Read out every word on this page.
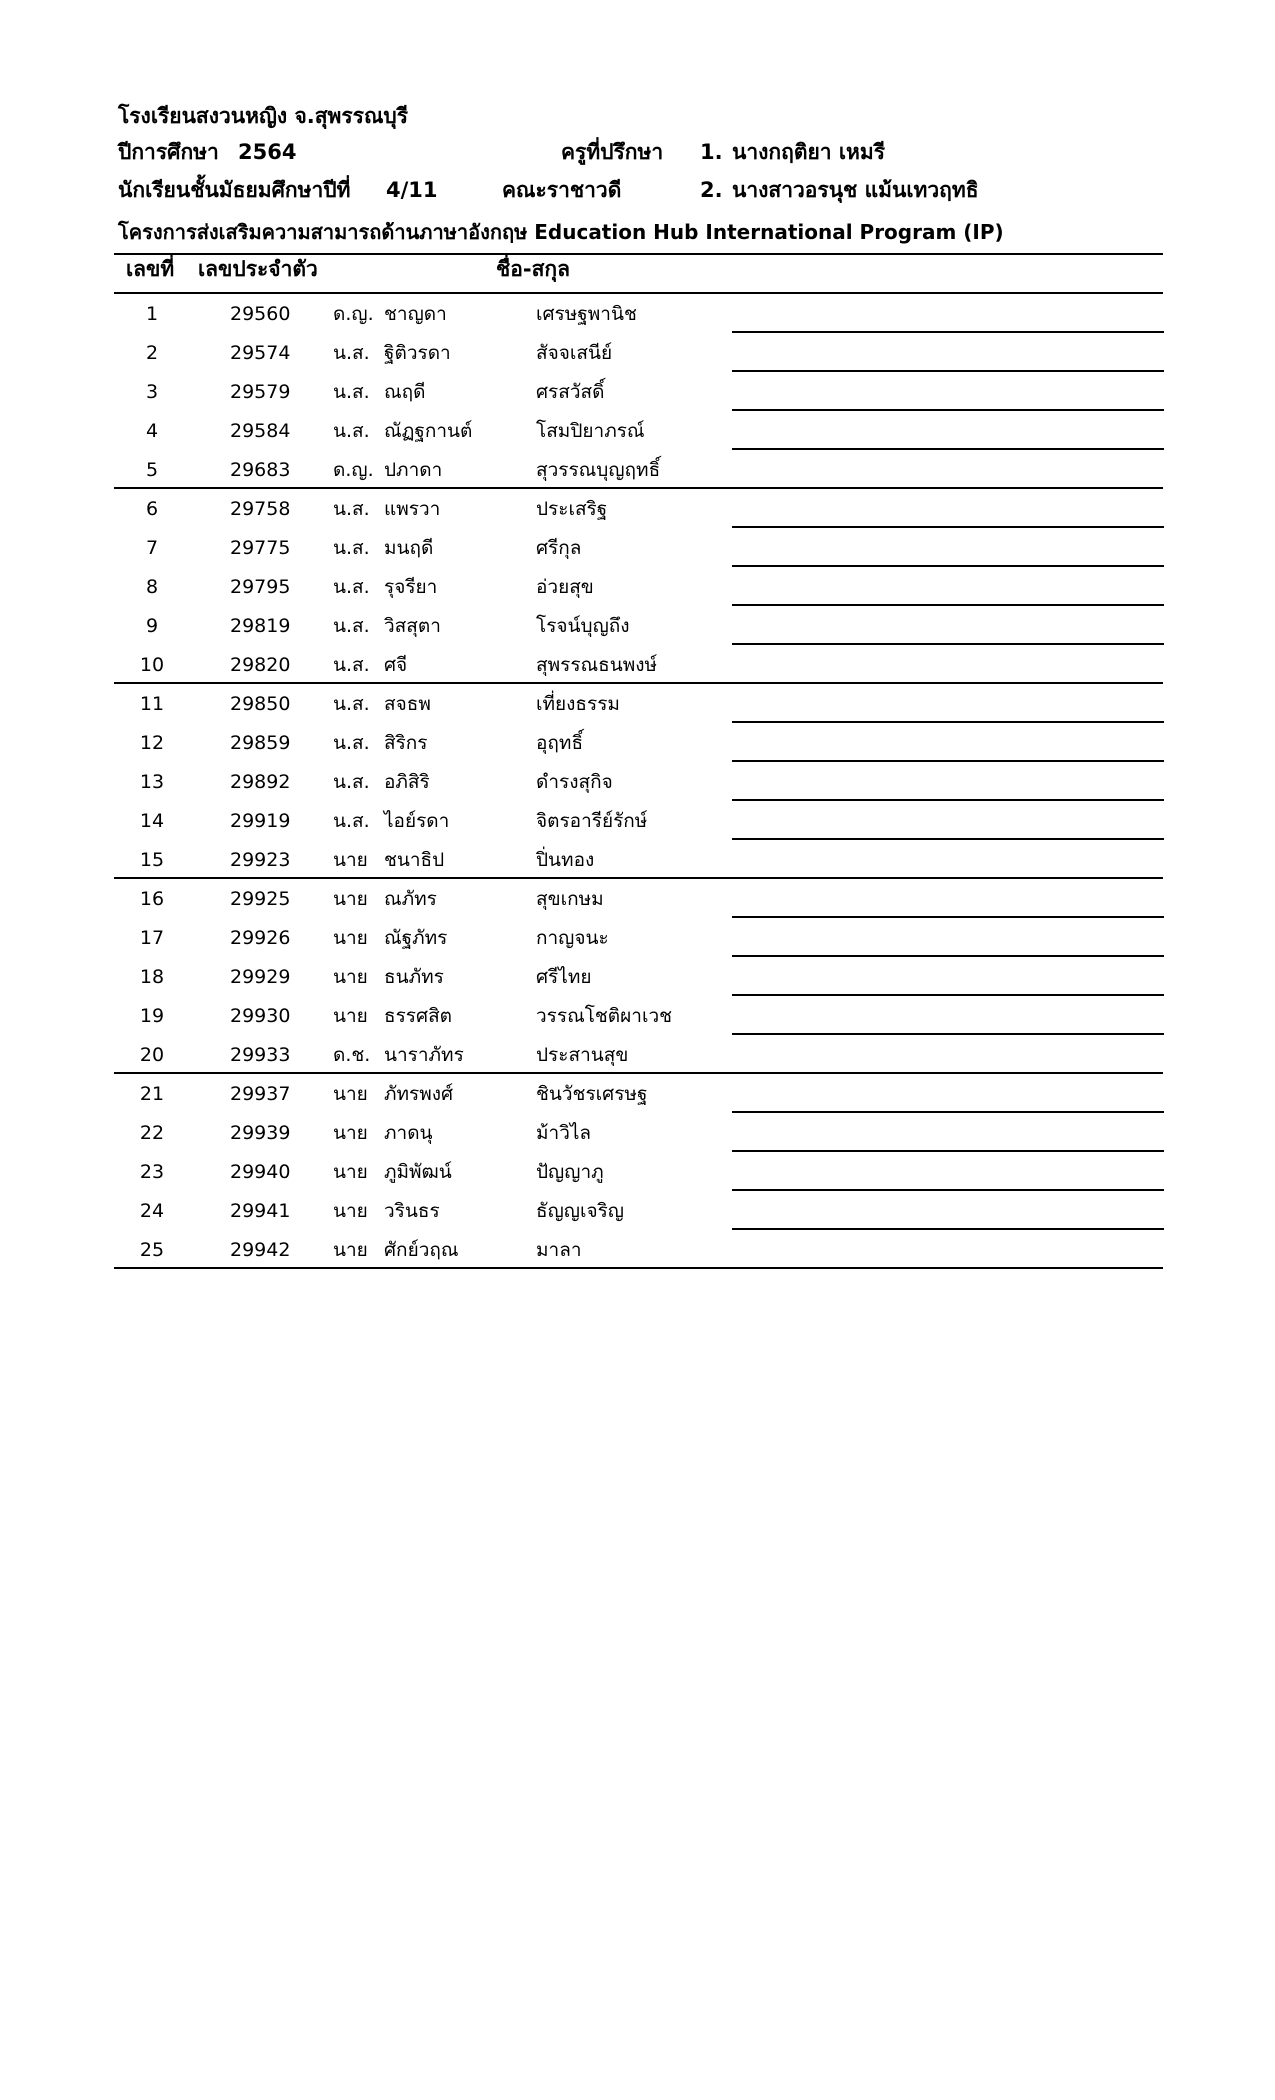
โรงเรียนสงวนหญิง จ.สุพรรณบุรี
ปีการศึกษา 2564	ครูที่ปรึกษา 1. นางกฤติยา เหมรี
นักเรียนชั้นมัธยมศึกษาปีที่ 4/11	คณะราชาวดี	2. นางสาวอรนุช แม้นเทวฤทธิ
โครงการส่งเสริมความสามารถด้านภาษาอังกฤษ Education Hub International Program (IP)
เลขที่ เลขประจำตัว	ชื่อ-สกุล
1	29560 ด.ญ. ชาญดา	เศรษฐพานิช
2	29574 น.ส. ฐิติวรดา	สัจจเสนีย์
3	29579 น.ส. ณฤดี	ศรสวัสดิ์
4	29584 น.ส. ณัฏฐกานต์	โสมปิยาภรณ์
5	29683 ด.ญ. ปภาดา	สุวรรณบุญฤทธิ์
6	29758 น.ส. แพรวา	ประเสริฐ
7	29775 น.ส. มนฤดี	ศรีกุล
8	29795 น.ส. รุจรียา	อ่วยสุข
9	29819 น.ส. วิสสุตา	โรจน์บุญถึง
10	29820 น.ส. ศจี	สุพรรณธนพงษ์
11	29850 น.ส. สจธพ	เที่ยงธรรม
12	29859 น.ส. สิริกร	อุฤทธิ์
13	29892 น.ส. อภิสิริ	ดำรงสุกิจ
14	29919 น.ส. ไอย์รดา	จิตรอารีย์รักษ์
15	29923 นาย ชนาธิป	ปิ่นทอง
16	29925 นาย ณภัทร	สุขเกษม
17	29926 นาย ณัฐภัทร	กาญจนะ
18	29929 นาย ธนภัทร	ศรีไทย
19	29930 นาย ธรรศสิต	วรรณโชติผาเวช
20	29933 ด.ช. นาราภัทร	ประสานสุข
21	29937 นาย ภัทรพงศ์	ชินวัชรเศรษฐ
22	29939 นาย ภาดนุ	ม้าวิไล
23	29940 นาย ภูมิพัฒน์	ปัญญาภู
24	29941 นาย วรินธร	ธัญญเจริญ
25	29942 นาย ศักย์วฤณ	มาลา
